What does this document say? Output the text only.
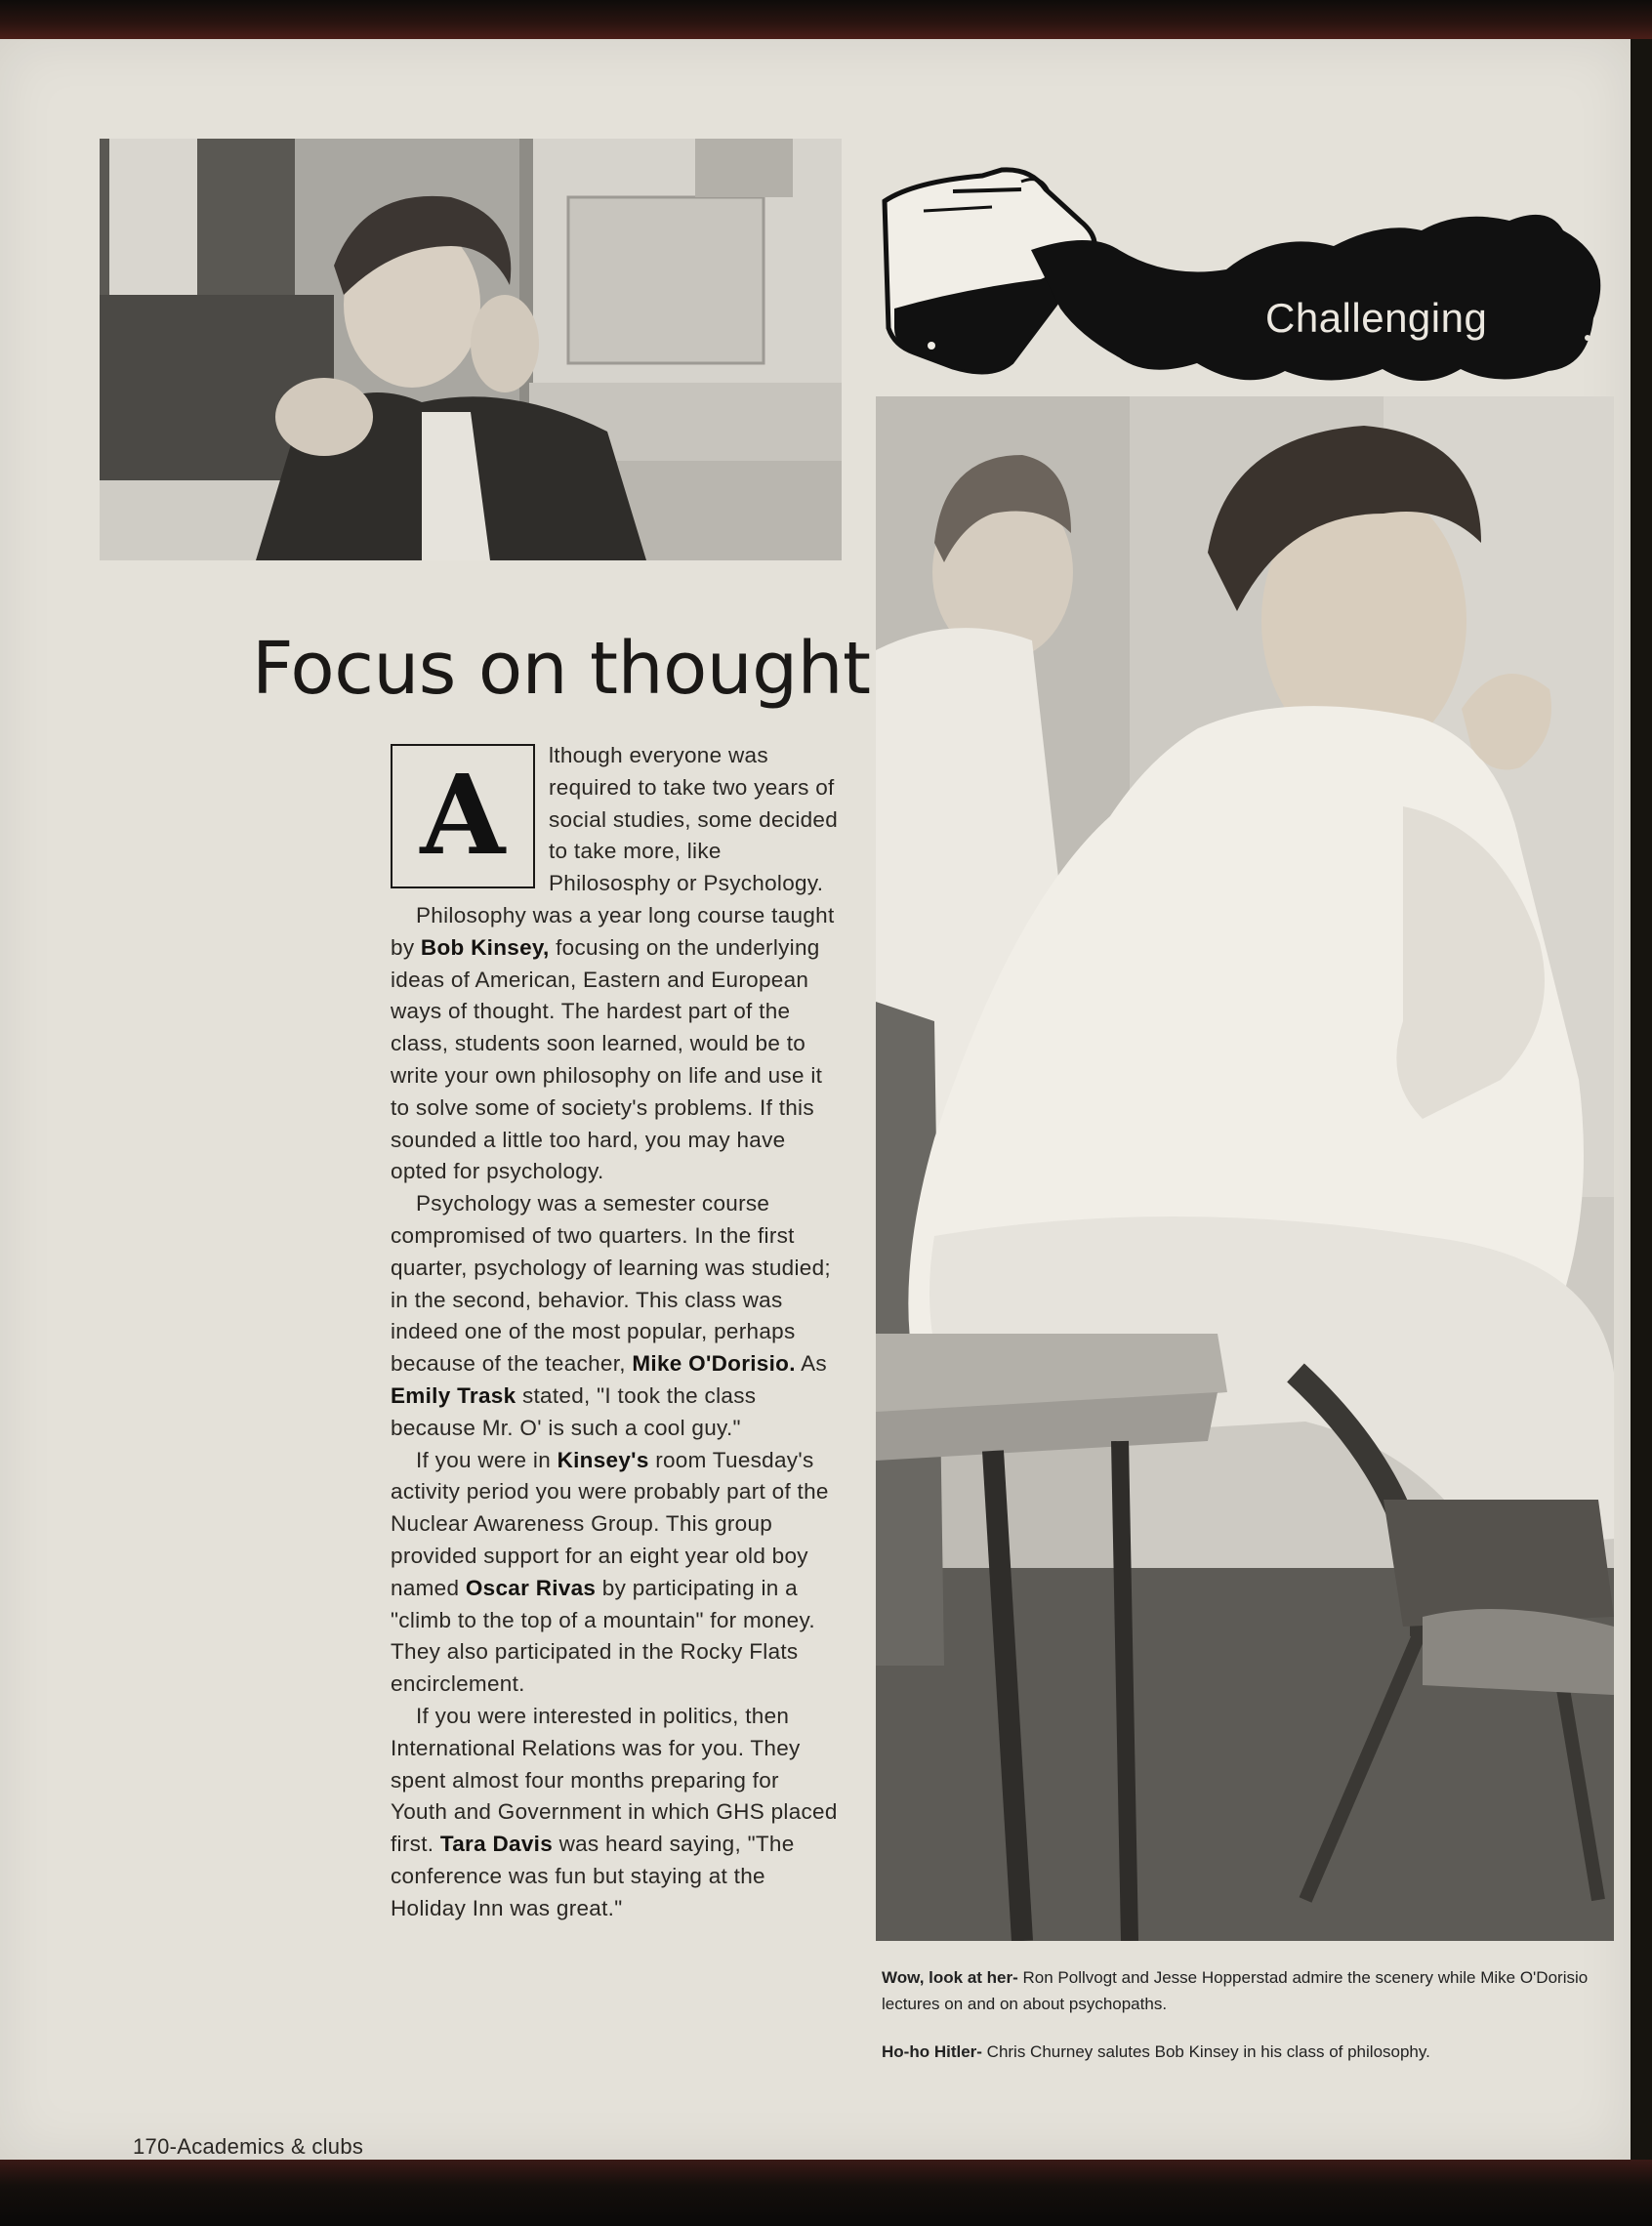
Challenging
Focus on thought
A	lthough everyone was required to take two years of social studies, some decided to take more, like Philososphy or Psychology.

Philosophy was a year long course taught by Bob Kinsey, focusing on the underlying ideas of American, Eastern and European ways of thought. The hardest part of the class, students soon learned, would be to write your own philosophy on life and use it to solve some of society's problems. If this sounded a little too hard, you may have opted for psychology.

Psychology was a semester course compromised of two quarters. In the first quarter, psychology of learning was studied; in the second, behavior. This class was indeed one of the most popular, perhaps because of the teacher, Mike O'Dorisio. As Emily Trask stated, "I took the class because Mr. O' is such a cool guy."

If you were in Kinsey's room Tuesday's activity period you were probably part of the Nuclear Awareness Group. This group provided support for an eight year old boy named Oscar Rivas by participating in a "climb to the top of a mountain" for money. They also participated in the Rocky Flats encirclement.

If you were interested in politics, then International Relations was for you. They spent almost four months preparing for Youth and Government in which GHS placed first. Tara Davis was heard saying, "The conference was fun but staying at the Holiday Inn was great."

Wow, look at her- Ron Pollvogt and Jesse Hopperstad admire the scenery while Mike O'Dorisio lectures on and on about psychopaths.

Ho-ho Hitler- Chris Churney salutes Bob Kinsey in his class of philosophy.

170-Academics & clubs
